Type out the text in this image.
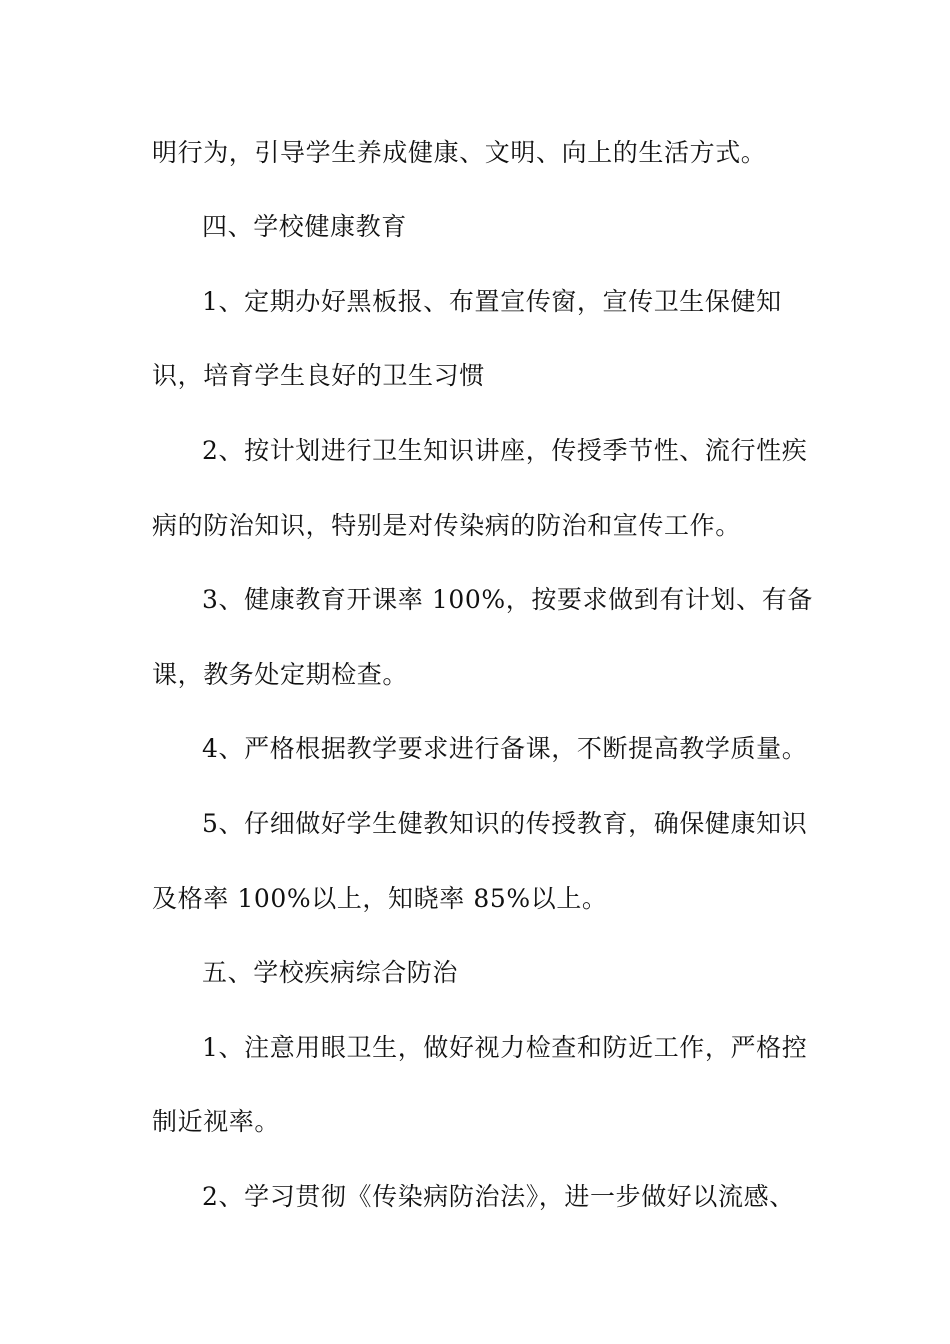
明行为，引导学生养成健康、文明、向上的生活方式。
四、学校健康教育
1、定期办好黑板报、布置宣传窗，宣传卫生保健知
识，培育学生良好的卫生习惯
2、按计划进行卫生知识讲座，传授季节性、流行性疾
病的防治知识，特别是对传染病的防治和宣传工作。
3、健康教育开课率 100%，按要求做到有计划、有备
课，教务处定期检查。
4、严格根据教学要求进行备课，不断提高教学质量。
5、仔细做好学生健教知识的传授教育，确保健康知识
及格率 100%以上，知晓率 85%以上。
五、学校疾病综合防治
1、注意用眼卫生，做好视力检查和防近工作，严格控
制近视率。
2、学习贯彻《传染病防治法》，进一步做好以流感、
